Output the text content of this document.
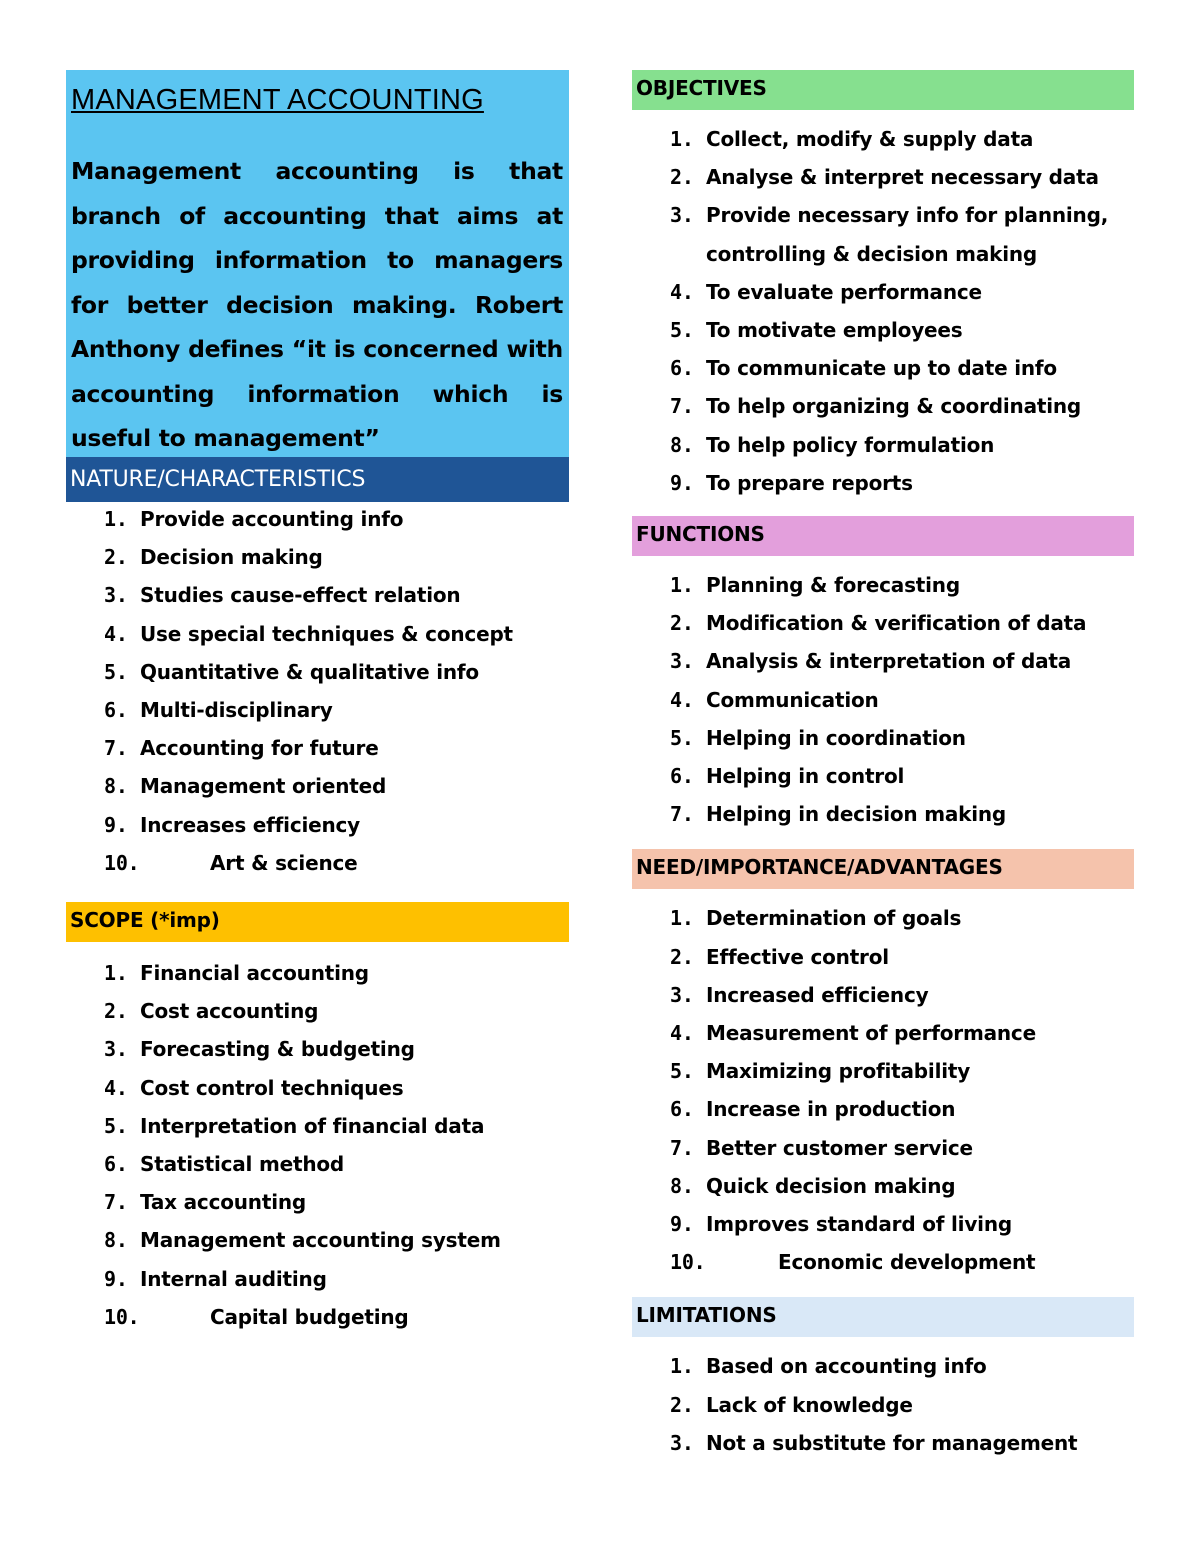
MANAGEMENT ACCOUNTING

Management accounting is that branch of accounting that aims at providing information to managers for better decision making. Robert Anthony defines “it is concerned with accounting information which is useful to management”

NATURE/CHARACTERISTICS
1. Provide accounting info
2. Decision making
3. Studies cause-effect relation
4. Use special techniques & concept
5. Quantitative & qualitative info
6. Multi-disciplinary
7. Accounting for future
8. Management oriented
9. Increases efficiency
10.	Art & science
SCOPE (*imp)
1. Financial accounting
2. Cost accounting
3. Forecasting & budgeting
4. Cost control techniques
5. Interpretation of financial data
6. Statistical method
7. Tax accounting
8. Management accounting system
9. Internal auditing
10.	Capital budgeting
OBJECTIVES
1. Collect, modify & supply data
2. Analyse & interpret necessary data
3. Provide necessary info for planning, controlling & decision making
4. To evaluate performance
5. To motivate employees
6. To communicate up to date info
7. To help organizing & coordinating
8. To help policy formulation
9. To prepare reports
FUNCTIONS
1. Planning & forecasting
2. Modification & verification of data
3. Analysis & interpretation of data
4. Communication
5. Helping in coordination
6. Helping in control
7. Helping in decision making
NEED/IMPORTANCE/ADVANTAGES
1. Determination of goals
2. Effective control
3. Increased efficiency
4. Measurement of performance
5. Maximizing profitability
6. Increase in production
7. Better customer service
8. Quick decision making
9. Improves standard of living
10.	Economic development
LIMITATIONS
1. Based on accounting info
2. Lack of knowledge
3. Not a substitute for management
